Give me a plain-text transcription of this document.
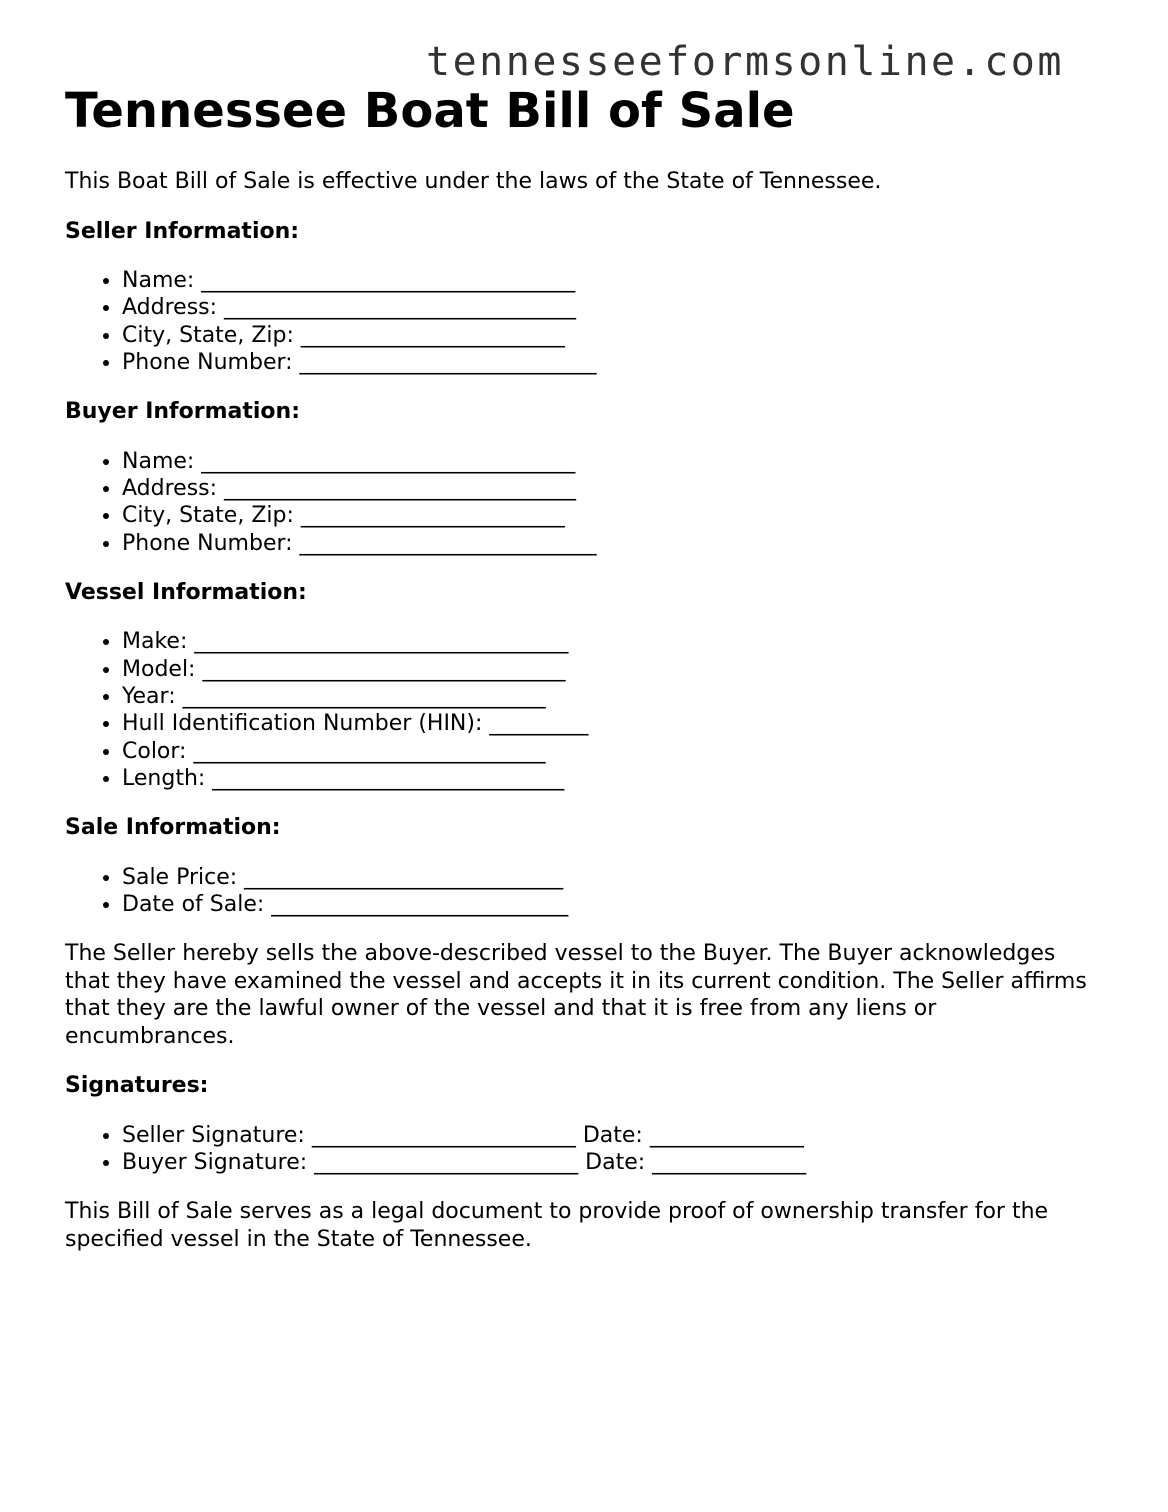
tennesseeformsonline.com
Tennessee Boat Bill of Sale

This Boat Bill of Sale is effective under the laws of the State of Tennessee.

Seller Information:
• Name: __________________________________
• Address: ________________________________
• City, State, Zip: ________________________
• Phone Number: ___________________________
Buyer Information:
• Name: __________________________________
• Address: ________________________________
• City, State, Zip: ________________________
• Phone Number: ___________________________
Vessel Information:
• Make: __________________________________
• Model: _________________________________
• Year: _________________________________
• Hull Identification Number (HIN): _________
• Color: ________________________________
• Length: ________________________________
Sale Information:
• Sale Price: _____________________________
• Date of Sale: ___________________________

The Seller hereby sells the above-described vessel to the Buyer. The Buyer acknowledges that they have examined the vessel and accepts it in its current condition. The Seller affirms that they are the lawful owner of the vessel and that it is free from any liens or encumbrances.

Signatures:
• Seller Signature: ________________________ Date: ______________
• Buyer Signature: ________________________ Date: ______________

This Bill of Sale serves as a legal document to provide proof of ownership transfer for the specified vessel in the State of Tennessee.
